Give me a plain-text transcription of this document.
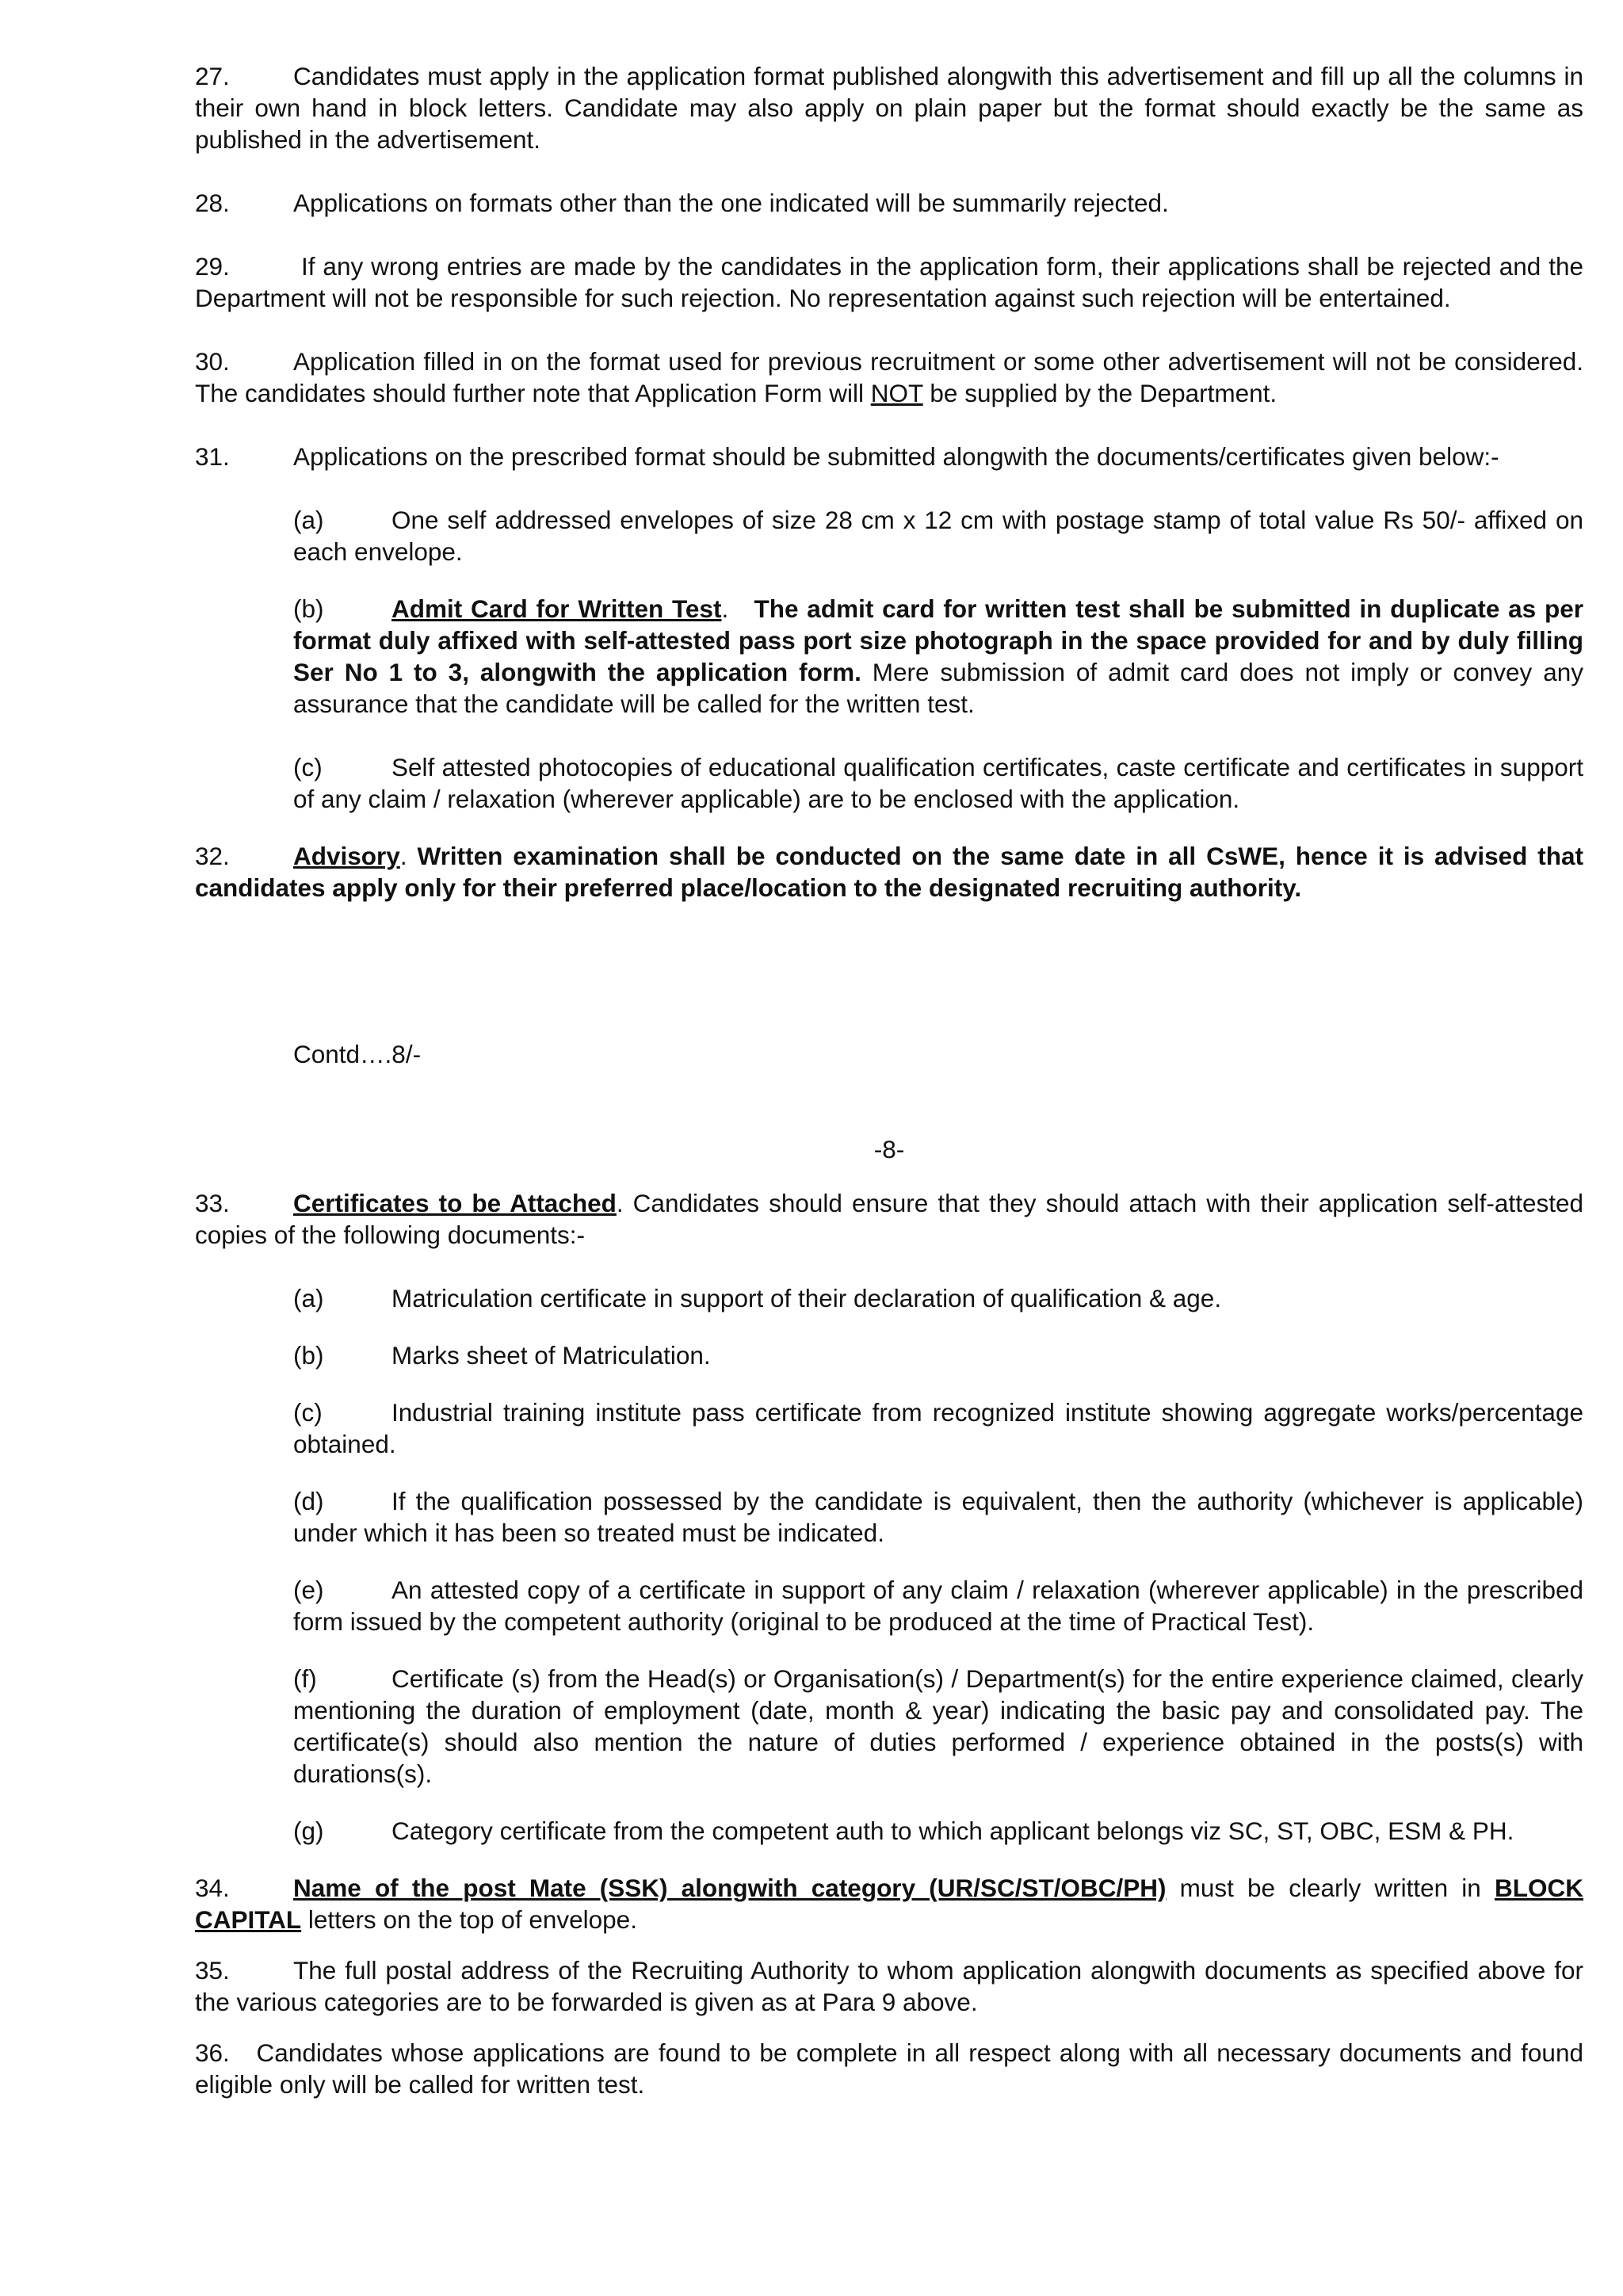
27.	Candidates must apply in the application format published alongwith this advertisement and fill up all the columns in their own hand in block letters. Candidate may also apply on plain paper but the format should exactly be the same as published in the advertisement.

28.	Applications on formats other than the one indicated will be summarily rejected.

29.	If any wrong entries are made by the candidates in the application form, their applications shall be rejected and the Department will not be responsible for such rejection. No representation against such rejection will be entertained.

30.	Application filled in on the format used for previous recruitment or some other advertisement will not be considered. The candidates should further note that Application Form will NOT be supplied by the Department.

31.	Applications on the prescribed format should be submitted alongwith the documents/certificates given below:-

(a)	One self addressed envelopes of size 28 cm x 12 cm with postage stamp of total value Rs 50/- affixed on each envelope.

(b)	Admit Card for Written Test. The admit card for written test shall be submitted in duplicate as per format duly affixed with self-attested pass port size photograph in the space provided for and by duly filling Ser No 1 to 3, alongwith the application form. Mere submission of admit card does not imply or convey any assurance that the candidate will be called for the written test.

(c)	Self attested photocopies of educational qualification certificates, caste certificate and certificates in support of any claim / relaxation (wherever applicable) are to be enclosed with the application.

32.	Advisory. Written examination shall be conducted on the same date in all CsWE, hence it is advised that candidates apply only for their preferred place/location to the designated recruiting authority.

Contd….8/-

-8-

33.	Certificates to be Attached. Candidates should ensure that they should attach with their application self-attested copies of the following documents:-

(a)	Matriculation certificate in support of their declaration of qualification & age.

(b)	Marks sheet of Matriculation.

(c)	Industrial training institute pass certificate from recognized institute showing aggregate works/percentage obtained.

(d)	If the qualification possessed by the candidate is equivalent, then the authority (whichever is applicable) under which it has been so treated must be indicated.

(e)	An attested copy of a certificate in support of any claim / relaxation (wherever applicable) in the prescribed form issued by the competent authority (original to be produced at the time of Practical Test).

(f)	Certificate (s) from the Head(s) or Organisation(s) / Department(s) for the entire experience claimed, clearly mentioning the duration of employment (date, month & year) indicating the basic pay and consolidated pay. The certificate(s) should also mention the nature of duties performed / experience obtained in the posts(s) with durations(s).

(g)	Category certificate from the competent auth to which applicant belongs viz SC, ST, OBC, ESM & PH.

34.	Name of the post Mate (SSK) alongwith category (UR/SC/ST/OBC/PH) must be clearly written in BLOCK CAPITAL letters on the top of envelope.

35.	The full postal address of the Recruiting Authority to whom application alongwith documents as specified above for the various categories are to be forwarded is given as at Para 9 above.

36. Candidates whose applications are found to be complete in all respect along with all necessary documents and found eligible only will be called for written test.
